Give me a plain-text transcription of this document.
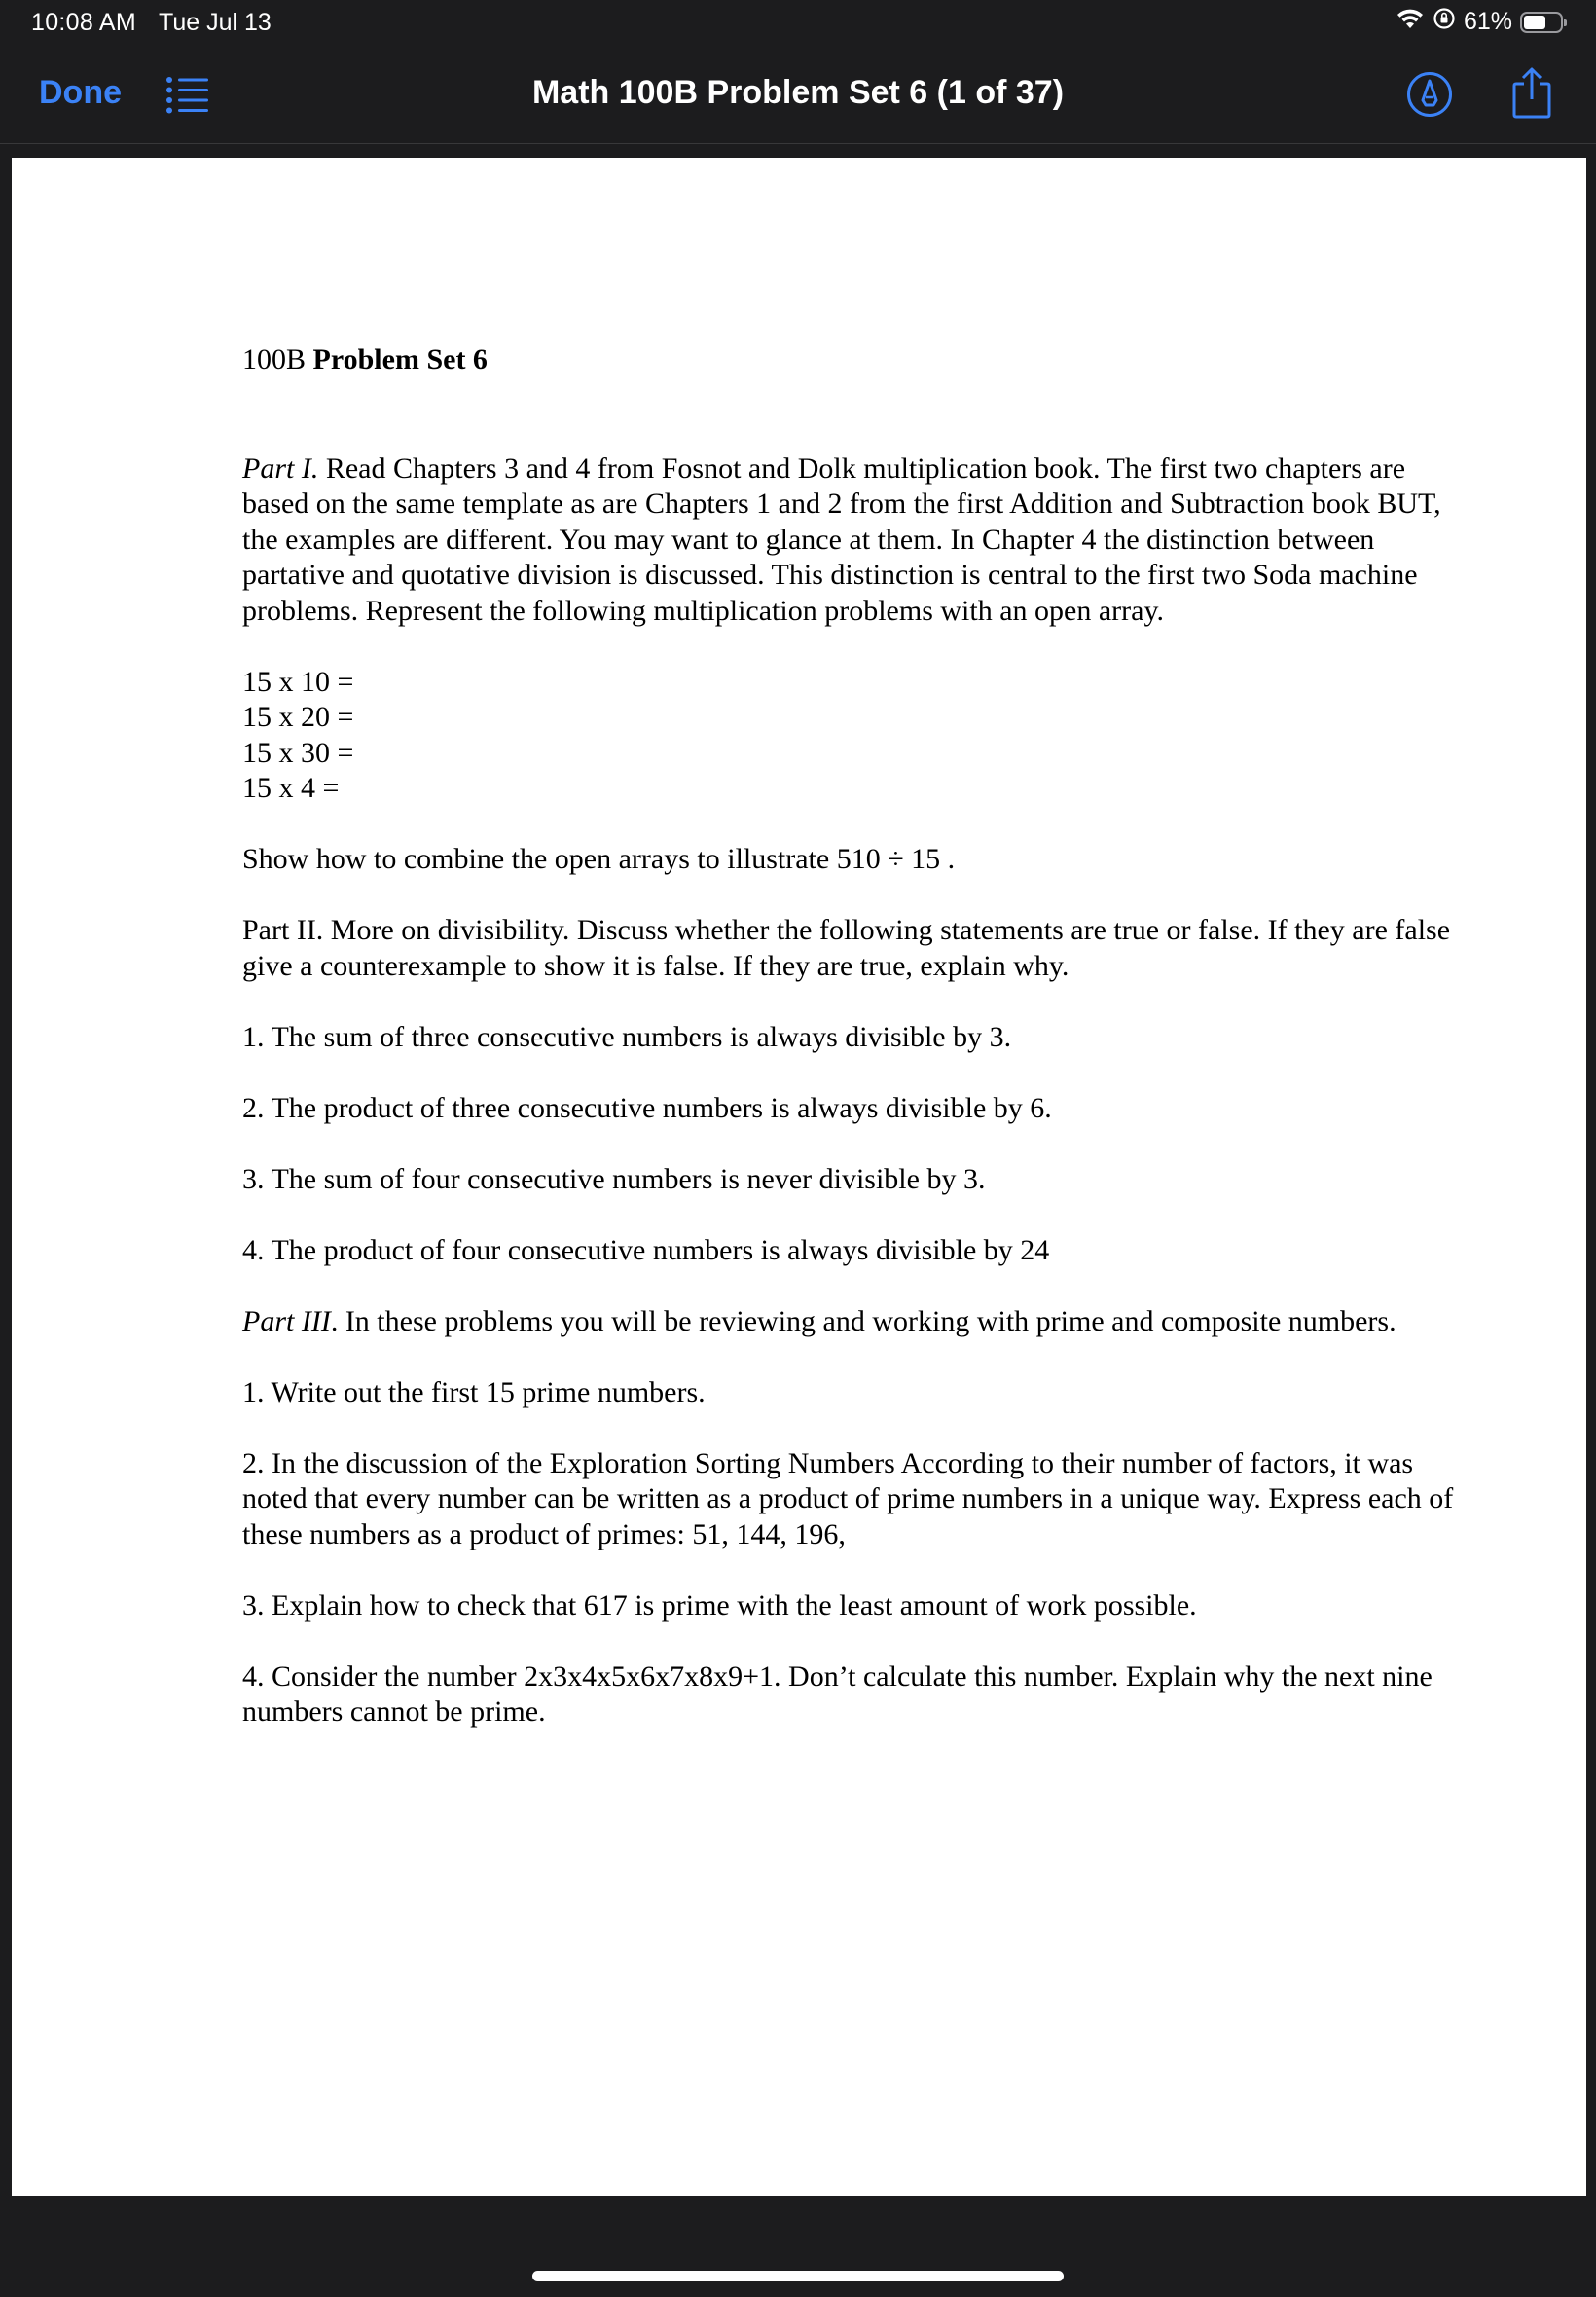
10:08 AM Tue Jul 13	61%
Done	Math 100B Problem Set 6 (1 of 37)

100B Problem Set 6

Part I. Read Chapters 3 and 4 from Fosnot and Dolk multiplication book. The first two chapters are based on the same template as are Chapters 1 and 2 from the first Addition and Subtraction book BUT, the examples are different. You may want to glance at them. In Chapter 4 the distinction between partative and quotative division is discussed. This distinction is central to the first two Soda machine problems. Represent the following multiplication problems with an open array.

15 x 10 =

15 x 20 =

15 x 30 =

15 x 4 =

Show how to combine the open arrays to illustrate 510 ÷ 15 .

Part II. More on divisibility. Discuss whether the following statements are true or false. If they are false give a counterexample to show it is false. If they are true, explain why.

1. The sum of three consecutive numbers is always divisible by 3.

2. The product of three consecutive numbers is always divisible by 6.

3. The sum of four consecutive numbers is never divisible by 3.

4. The product of four consecutive numbers is always divisible by 24

Part III. In these problems you will be reviewing and working with prime and composite numbers.

1. Write out the first 15 prime numbers.

2. In the discussion of the Exploration Sorting Numbers According to their number of factors, it was noted that every number can be written as a product of prime numbers in a unique way. Express each of these numbers as a product of primes: 51, 144, 196,

3. Explain how to check that 617 is prime with the least amount of work possible.

4. Consider the number 2x3x4x5x6x7x8x9+1. Don’t calculate this number. Explain why the next nine numbers cannot be prime.
